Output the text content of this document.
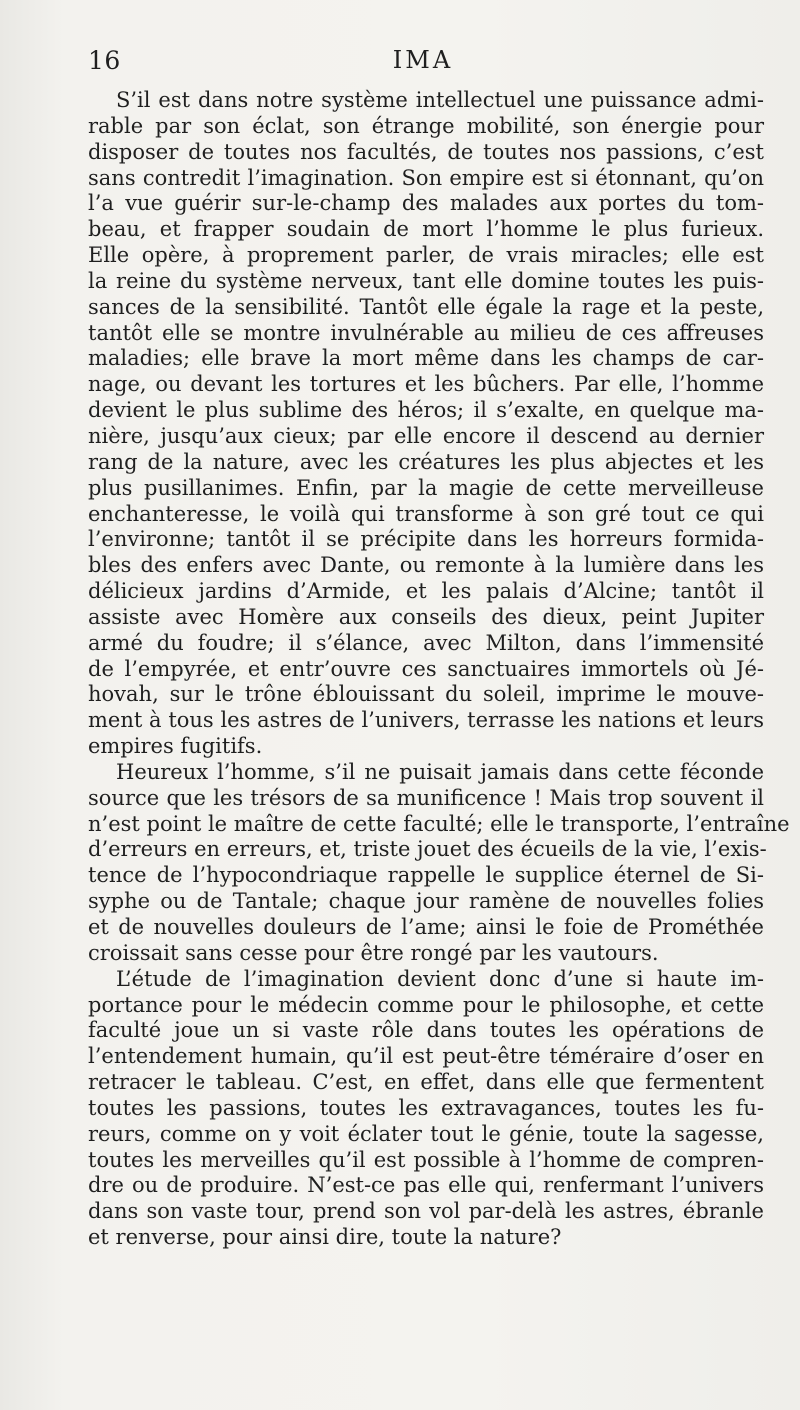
16	IMA
S’il est dans notre système intellectuel une puissance admi-
rable par son éclat, son étrange mobilité, son énergie pour
disposer de toutes nos facultés, de toutes nos passions, c’est
sans contredit l’imagination. Son empire est si étonnant, qu’on
l’a vue guérir sur-le-champ des malades aux portes du tom-
beau, et frapper soudain de mort l’homme le plus furieux.
Elle opère, à proprement parler, de vrais miracles; elle est
la reine du système nerveux, tant elle domine toutes les puis-
sances de la sensibilité. Tantôt elle égale la rage et la peste,
tantôt elle se montre invulnérable au milieu de ces affreuses
maladies; elle brave la mort même dans les champs de car-
nage, ou devant les tortures et les bûchers. Par elle, l’homme
devient le plus sublime des héros; il s’exalte, en quelque ma-
nière, jusqu’aux cieux; par elle encore il descend au dernier
rang de la nature, avec les créatures les plus abjectes et les
plus pusillanimes. Enfin, par la magie de cette merveilleuse
enchanteresse, le voilà qui transforme à son gré tout ce qui
l’environne; tantôt il se précipite dans les horreurs formida-
bles des enfers avec Dante, ou remonte à la lumière dans les
délicieux jardins d’Armide, et les palais d’Alcine; tantôt il
assiste avec Homère aux conseils des dieux, peint Jupiter
armé du foudre; il s’élance, avec Milton, dans l’immensité
de l’empyrée, et entr’ouvre ces sanctuaires immortels où Jé-
hovah, sur le trône éblouissant du soleil, imprime le mouve-
ment à tous les astres de l’univers, terrasse les nations et leurs
empires fugitifs.
Heureux l’homme, s’il ne puisait jamais dans cette féconde
source que les trésors de sa munificence ! Mais trop souvent il
n’est point le maître de cette faculté; elle le transporte, l’entraîne
d’erreurs en erreurs, et, triste jouet des écueils de la vie, l’exis-
tence de l’hypocondriaque rappelle le supplice éternel de Si-
syphe ou de Tantale; chaque jour ramène de nouvelles folies
et de nouvelles douleurs de l’ame; ainsi le foie de Prométhée
croissait sans cesse pour être rongé par les vautours.
L’étude de l’imagination devient donc d’une si haute im-
portance pour le médecin comme pour le philosophe, et cette
faculté joue un si vaste rôle dans toutes les opérations de
l’entendement humain, qu’il est peut-être téméraire d’oser en
retracer le tableau. C’est, en effet, dans elle que fermentent
toutes les passions, toutes les extravagances, toutes les fu-
reurs, comme on y voit éclater tout le génie, toute la sagesse,
toutes les merveilles qu’il est possible à l’homme de compren-
dre ou de produire. N’est-ce pas elle qui, renfermant l’univers
dans son vaste tour, prend son vol par-delà les astres, ébranle
et renverse, pour ainsi dire, toute la nature?
